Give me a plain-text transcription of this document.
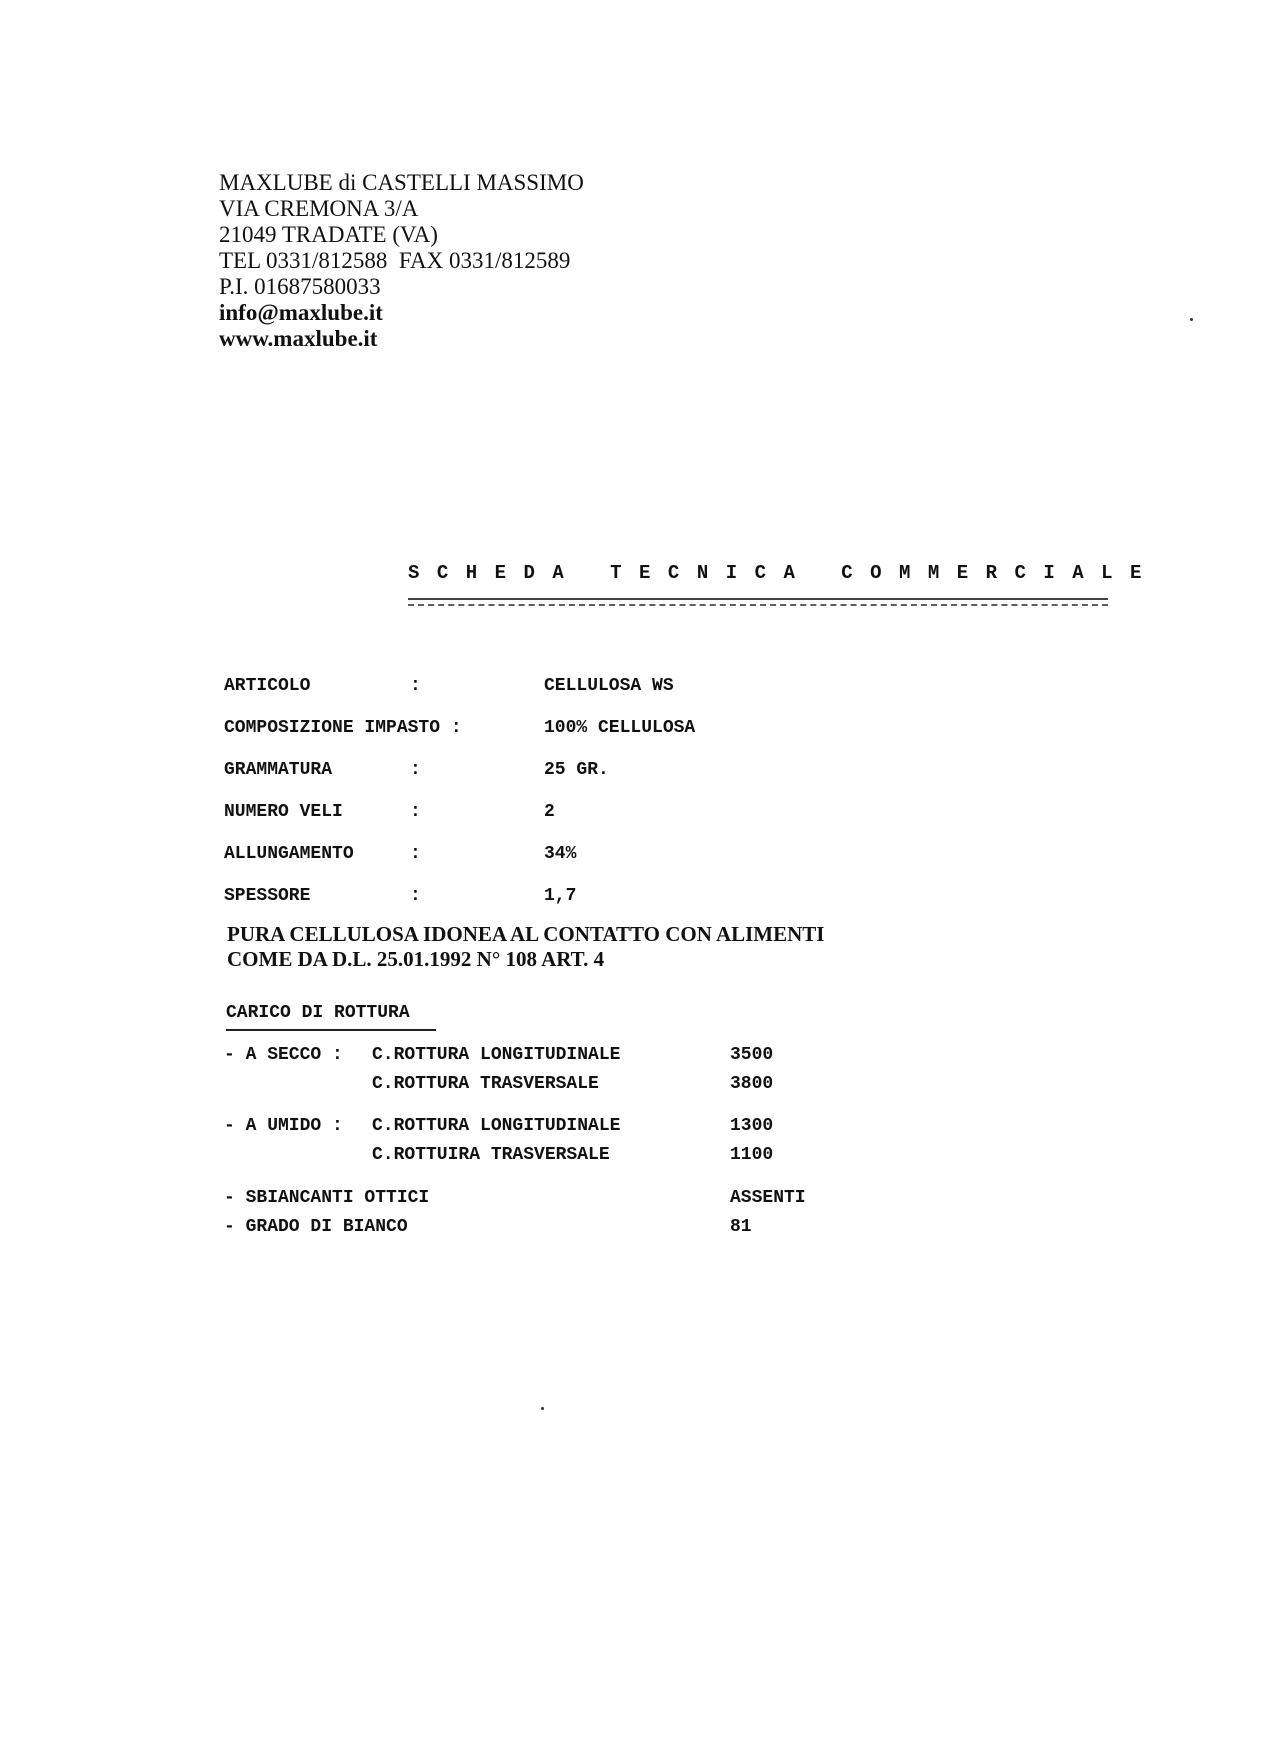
MAXLUBE di CASTELLI MASSIMO
VIA CREMONA 3/A
21049 TRADATE (VA)
TEL 0331/812588  FAX 0331/812589
P.I. 01687580033
info@maxlube.it
www.maxlube.it
SCHEDA TECNICA COMMERCIALE
ARTICOLO	:	CELLULOSA WS
COMPOSIZIONE IMPASTO :	100% CELLULOSA
GRAMMATURA	:	25 GR.
NUMERO VELI	:	2
ALLUNGAMENTO	:	34%
SPESSORE	:	1,7
PURA CELLULOSA IDONEA AL CONTATTO CON ALIMENTI
COME DA D.L. 25.01.1992 N° 108 ART. 4
CARICO DI ROTTURA
- A SECCO : C.ROTTURA LONGITUDINALE	3500
C.ROTTURA TRASVERSALE	3800
- A UMIDO : C.ROTTURA LONGITUDINALE	1300
C.ROTTUIRA TRASVERSALE	1100
- SBIANCANTI OTTICI	ASSENTI
- GRADO DI BIANCO	81
